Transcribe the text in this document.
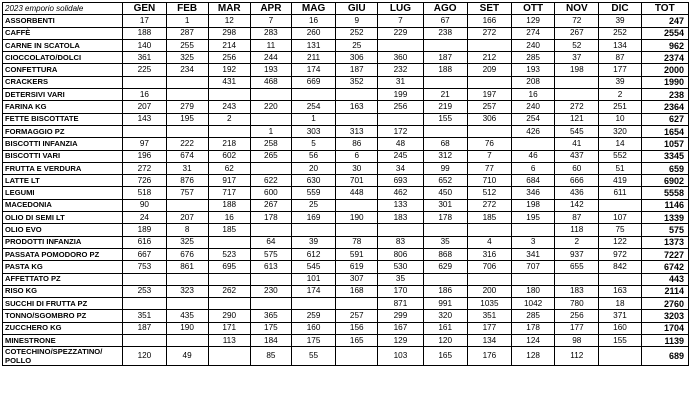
2023 emporio solidale	GEN	FEB	MAR	APR	MAG	GIU	LUG	AGO	SET	OTT	NOV	DIC	TOT
ASSORBENTI	17	1	12	7	16	9	7	67	166	129	72	39	247
CAFFÈ	188	287	298	283	260	252	229	238	272	274	267	252	2554
CARNE IN SCATOLA	140	255	214	11	131	25				240	52	134	962
CIOCCOLATO/DOLCI	361	325	256	244	211	306	360	187	212	285	37	87	2374
CONFETTURA	225	234	192	193	174	187	232	188	209	193	198	177	2000
CRACKERS			431	468	669	352	31			208		39	1990
DETERSIVI VARI	16						199	21	197	16		2	238
FARINA KG	207	279	243	220	254	163	256	219	257	240	272	251	2364
FETTE BISCOTTATE	143	195	2		1			155	306	254	121	10	627
FORMAGGIO PZ				1	303	313	172			426	545	320	1654
BISCOTTI INFANZIA	97	222	218	258	5	86	48	68	76		41	14	1057
BISCOTTI VARI	196	674	602	265	56	6	245	312	7	46	437	552	3345
FRUTTA E VERDURA	272	31	62		20	30	34	99	77	6	60	51	659
LATTE LT	726	876	917	622	630	701	693	652	710	684	666	419	6902
LEGUMI	518	757	717	600	559	448	462	450	512	346	436	611	5558
MACEDONIA	90		188	267	25		133	301	272	198	142		1146
OLIO DI SEMI LT	24	207	16	178	169	190	183	178	185	195	87	107	1339
OLIO EVO	189	8	185								118	75	575
PRODOTTI INFANZIA	616	325		64	39	78	83	35	4	3	2	122	1373
PASSATA POMODORO PZ	667	676	523	575	612	591	806	868	316	341	937	972	7227
PASTA KG	753	861	695	613	545	619	530	629	706	707	655	842	6742
AFFETTATO PZ					101	307	35						443
RISO KG	253	323	262	230	174	168	170	186	200	180	183	163	2114
SUCCHI DI FRUTTA PZ							871	991	1035	1042	780	18	2760
TONNO/SGOMBRO PZ	351	435	290	365	259	257	299	320	351	285	256	371	3203
ZUCCHERO KG	187	190	171	175	160	156	167	161	177	178	177	160	1704
MINESTRONE			113	184	175	165	129	120	134	124	98	155	1139
COTECHINO/SPEZZATINO/ POLLO	120	49		85	55		103	165	176	128	112		689
